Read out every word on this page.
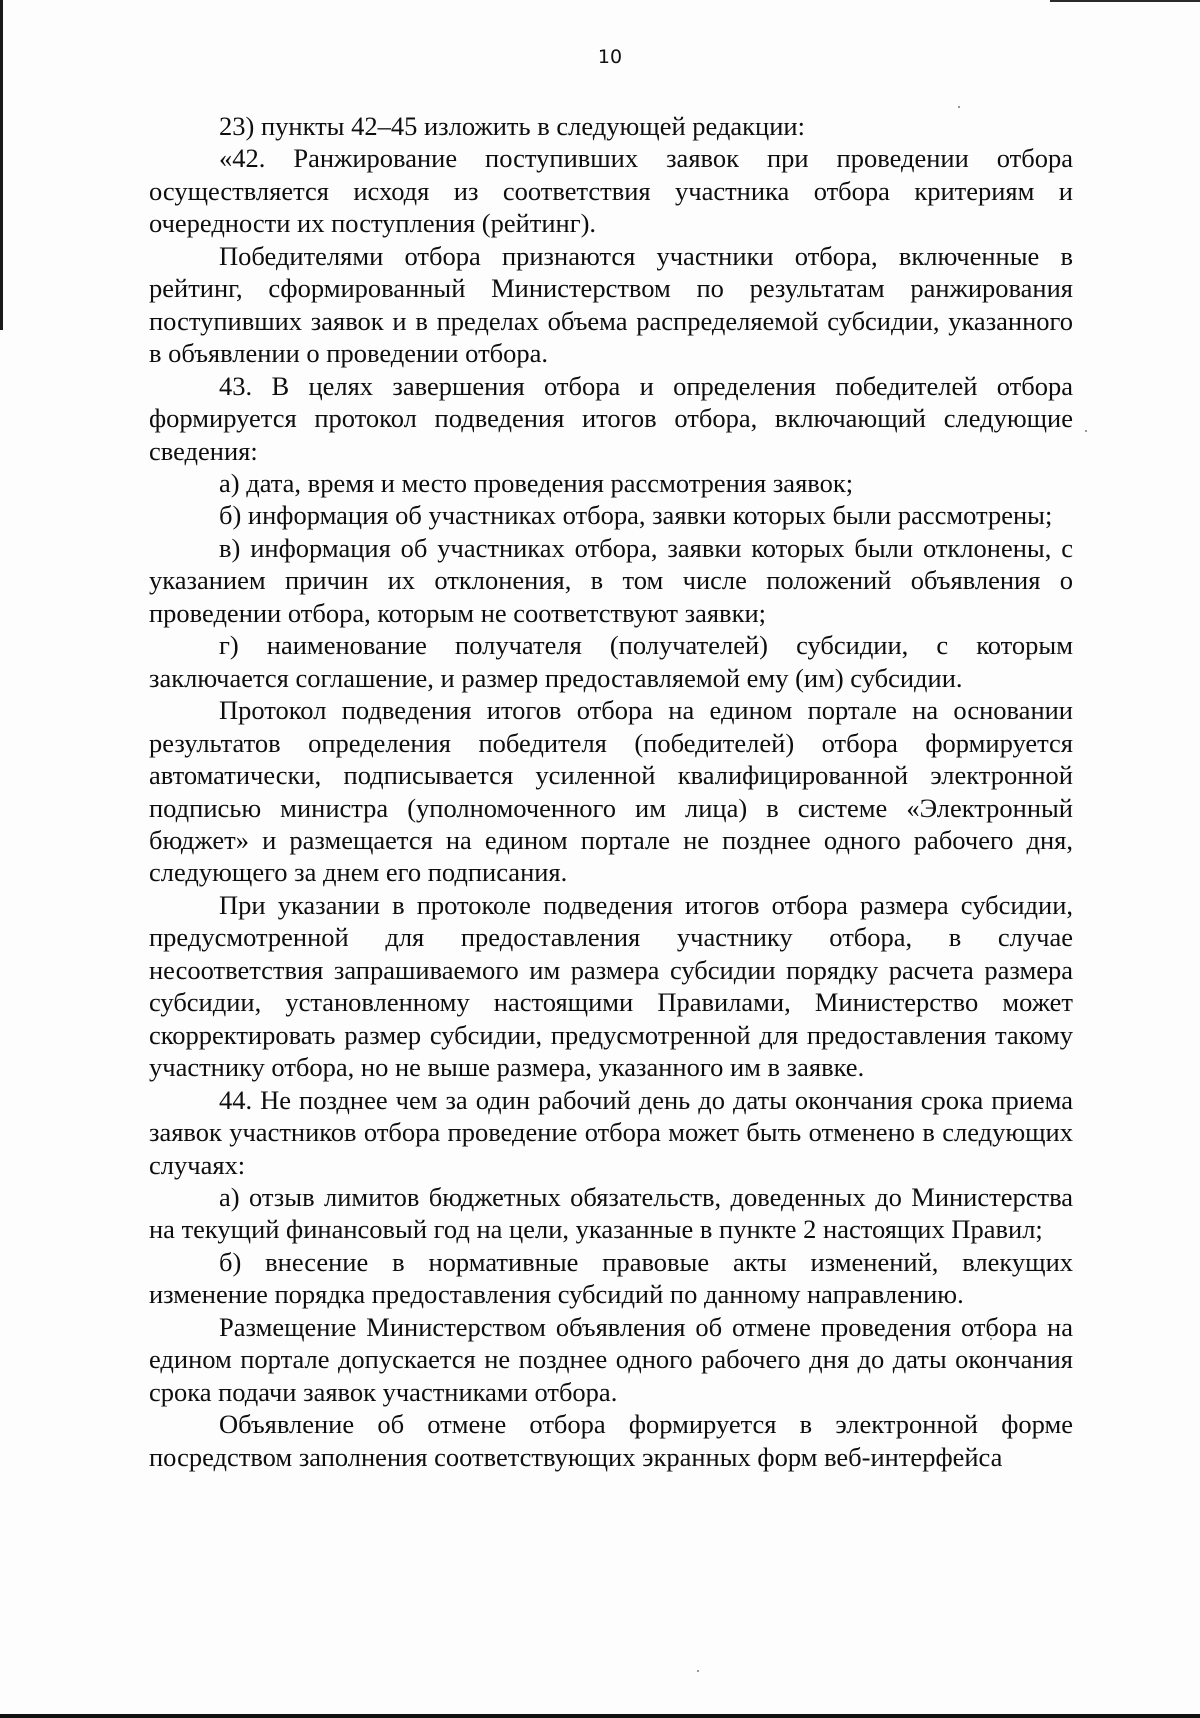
10

23) пункты 42–45 изложить в следующей редакции:

«42. Ранжирование поступивших заявок при проведении отбора осуществляется исходя из соответствия участника отбора критериям и очередности их поступления (рейтинг).

Победителями отбора признаются участники отбора, включенные в рейтинг, сформированный Министерством по результатам ранжирования поступивших заявок и в пределах объема распределяемой субсидии, указанного в объявлении о проведении отбора.

43. В целях завершения отбора и определения победителей отбора формируется протокол подведения итогов отбора, включающий следующие сведения:

а) дата, время и место проведения рассмотрения заявок;

б) информация об участниках отбора, заявки которых были рассмотрены;

в) информация об участниках отбора, заявки которых были отклонены, с указанием причин их отклонения, в том числе положений объявления о проведении отбора, которым не соответствуют заявки;

г) наименование получателя (получателей) субсидии, с которым заключается соглашение, и размер предоставляемой ему (им) субсидии.

Протокол подведения итогов отбора на едином портале на основании результатов определения победителя (победителей) отбора формируется автоматически, подписывается усиленной квалифицированной электронной подписью министра (уполномоченного им лица) в системе «Электронный бюджет» и размещается на едином портале не позднее одного рабочего дня, следующего за днем его подписания.

При указании в протоколе подведения итогов отбора размера субсидии, предусмотренной для предоставления участнику отбора, в случае несоответствия запрашиваемого им размера субсидии порядку расчета размера субсидии, установленному настоящими Правилами, Министерство может скорректировать размер субсидии, предусмотренной для предоставления такому участнику отбора, но не выше размера, указанного им в заявке.

44. Не позднее чем за один рабочий день до даты окончания срока приема заявок участников отбора проведение отбора может быть отменено в следующих случаях:

а) отзыв лимитов бюджетных обязательств, доведенных до Министерства на текущий финансовый год на цели, указанные в пункте 2 настоящих Правил;

б) внесение в нормативные правовые акты изменений, влекущих изменение порядка предоставления субсидий по данному направлению.

Размещение Министерством объявления об отмене проведения отбора на едином портале допускается не позднее одного рабочего дня до даты окончания срока подачи заявок участниками отбора.

Объявление об отмене отбора формируется в электронной форме посредством заполнения соответствующих экранных форм веб-интерфейса
